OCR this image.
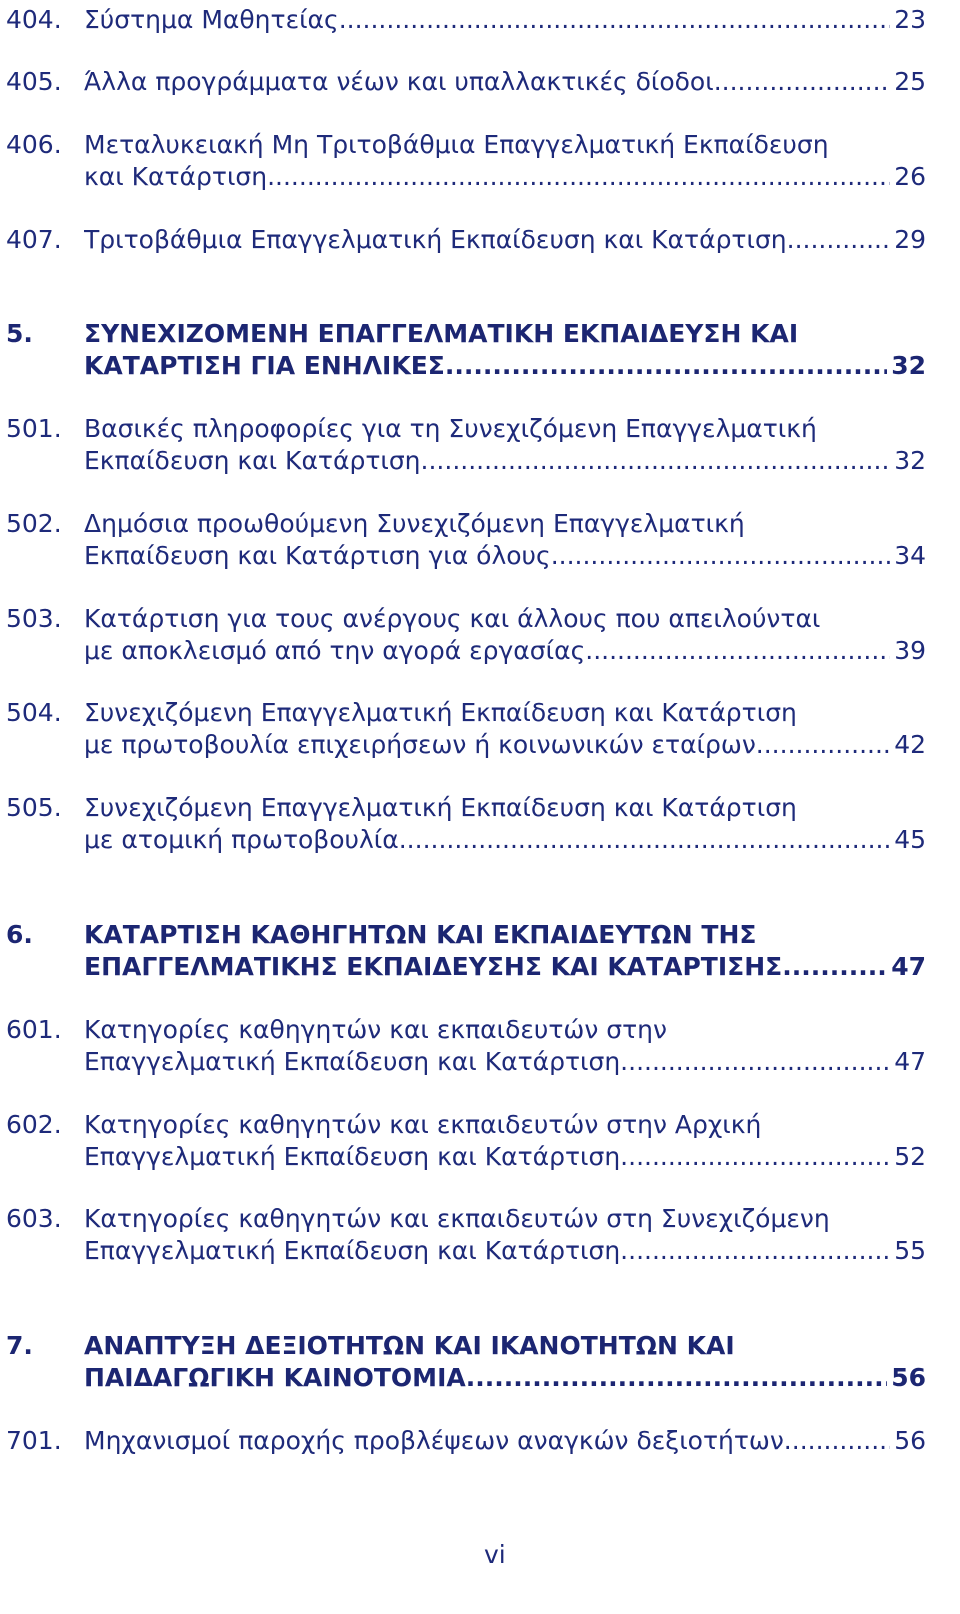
404. Σύστημα Μαθητείας .....	23
405. Άλλα προγράμματα νέων και υπαλλακτικές δίοδοι .....	25
406. Μεταλυκειακή Μη Τριτοβάθμια Επαγγελματική Εκπαίδευση
και Κατάρτιση .....	26
407. Τριτοβάθμια Επαγγελματική Εκπαίδευση και Κατάρτιση .....	29
5. ΣΥΝΕΧΙΖΟΜΕΝΗ ΕΠΑΓΓΕΛΜΑΤΙΚΗ ΕΚΠΑΙΔΕΥΣΗ ΚΑΙ
ΚΑΤΑΡΤΙΣΗ ΓΙΑ ΕΝΗΛΙΚΕΣ .....	32
501. Βασικές πληροφορίες για τη Συνεχιζόμενη Επαγγελματική
Εκπαίδευση και Κατάρτιση .....	32
502. Δημόσια προωθούμενη Συνεχιζόμενη Επαγγελματική
Εκπαίδευση και Κατάρτιση για όλους .....	34
503. Κατάρτιση για τους ανέργους και άλλους που απειλούνται
με αποκλεισμό από την αγορά εργασίας .....	39
504. Συνεχιζόμενη Επαγγελματική Εκπαίδευση και Κατάρτιση
με πρωτοβουλία επιχειρήσεων ή κοινωνικών εταίρων .....	42
505. Συνεχιζόμενη Επαγγελματική Εκπαίδευση και Κατάρτιση
με ατομική πρωτοβουλία .....	45
6. ΚΑΤΑΡΤΙΣΗ ΚΑΘΗΓΗΤΩΝ ΚΑΙ ΕΚΠΑΙΔΕΥΤΩΝ ΤΗΣ
ΕΠΑΓΓΕΛΜΑΤΙΚΗΣ ΕΚΠΑΙΔΕΥΣΗΣ ΚΑΙ ΚΑΤΑΡΤΙΣΗΣ .....	47
601. Κατηγορίες καθηγητών και εκπαιδευτών στην
Επαγγελματική Εκπαίδευση και Κατάρτιση .....	47
602. Κατηγορίες καθηγητών και εκπαιδευτών στην Αρχική
Επαγγελματική Εκπαίδευση και Κατάρτιση .....	52
603. Κατηγορίες καθηγητών και εκπαιδευτών στη Συνεχιζόμενη
Επαγγελματική Εκπαίδευση και Κατάρτιση .....	55
7. ΑΝΑΠΤΥΞΗ ΔΕΞΙΟΤΗΤΩΝ ΚΑΙ ΙΚΑΝΟΤΗΤΩΝ ΚΑΙ
ΠΑΙΔΑΓΩΓΙΚΗ ΚΑΙΝΟΤΟΜΙΑ .....	56
701. Μηχανισμοί παροχής προβλέψεων αναγκών δεξιοτήτων .....	56
vi
